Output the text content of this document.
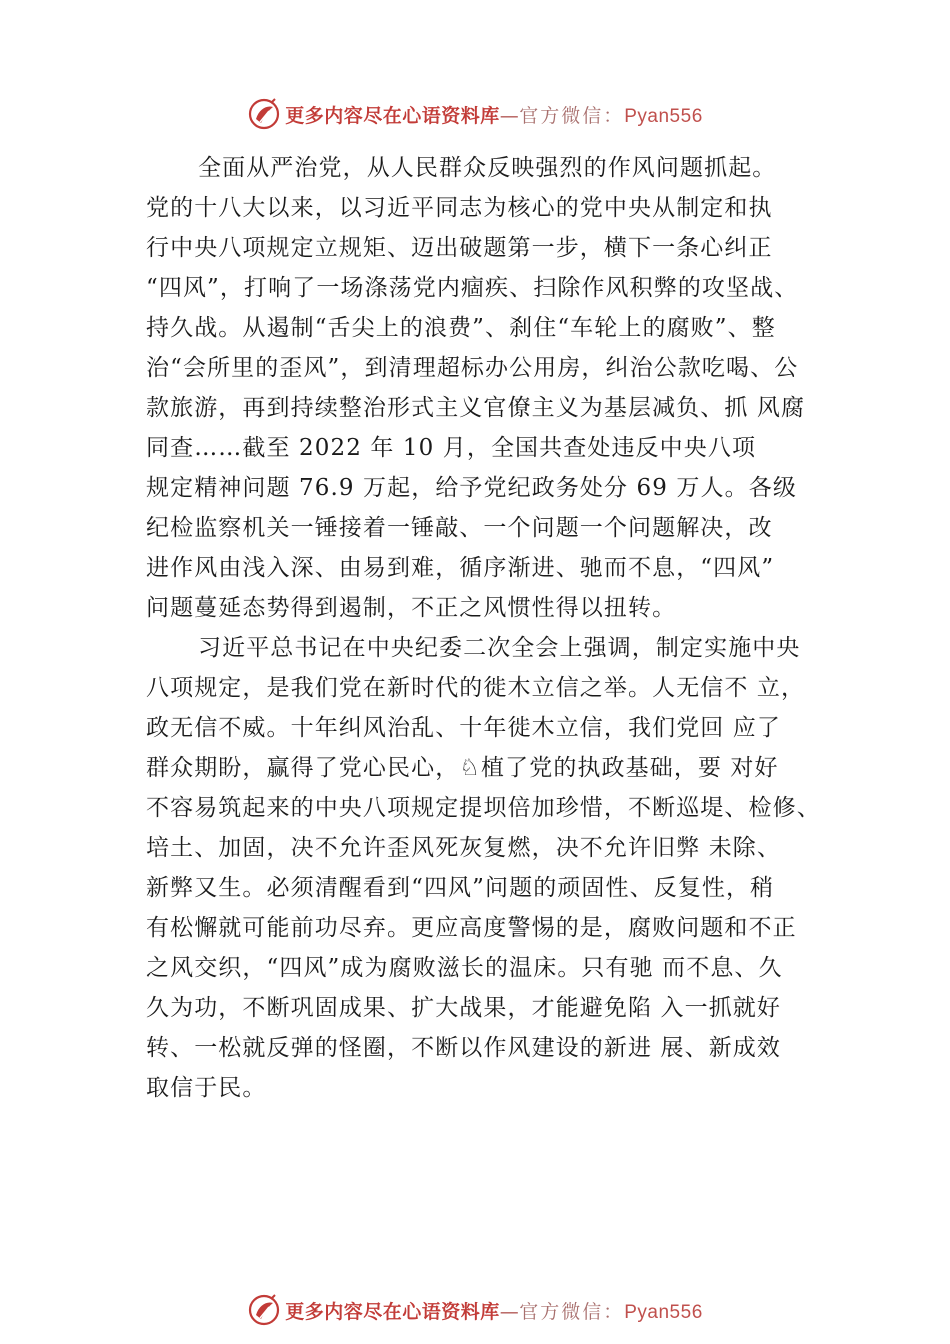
更多内容尽在心语资料库—官方微信：Pyan556
全面从严治党，从人民群众反映强烈的作风问题抓起。
党的十八大以来，以习近平同志为核心的党中央从制定和执
行中央八项规定立规矩、迈出破题第一步，横下一条心纠正
“四风”，打响了一场涤荡党内痼疾、扫除作风积弊的攻坚战、
持久战。从遏制“舌尖上的浪费”、刹住“车轮上的腐败”、整
治“会所里的歪风”，到清理超标办公用房，纠治公款吃喝、公
款旅游，再到持续整治形式主义官僚主义为基层减负、抓 风腐
同查……截至 2022 年 10 月，全国共查处违反中央八项
规定精神问题 76.9 万起，给予党纪政务处分 69 万人。各级
纪检监察机关一锤接着一锤敲、一个问题一个问题解决，改
进作风由浅入深、由易到难，循序渐进、驰而不息，“四风”
问题蔓延态势得到遏制，不正之风惯性得以扭转。
习近平总书记在中央纪委二次全会上强调，制定实施中央
八项规定，是我们党在新时代的徙木立信之举。人无信不 立，
政无信不威。十年纠风治乱、十年徙木立信，我们党回 应了
群众期盼，赢得了党心民心，♘植了党的执政基础，要 对好
不容易筑起来的中央八项规定提坝倍加珍惜，不断巡堤、检修、
培土、加固，决不允许歪风死灰复燃，决不允许旧弊 未除、
新弊又生。必须清醒看到“四风”问题的顽固性、反复性，稍
有松懈就可能前功尽弃。更应高度警惕的是，腐败问题和不正
之风交织，“四风”成为腐败滋长的温床。只有驰 而不息、久
久为功，不断巩固成果、扩大战果，才能避免陷 入一抓就好
转、一松就反弹的怪圈，不断以作风建设的新进 展、新成效
取信于民。
更多内容尽在心语资料库—官方微信：Pyan556
